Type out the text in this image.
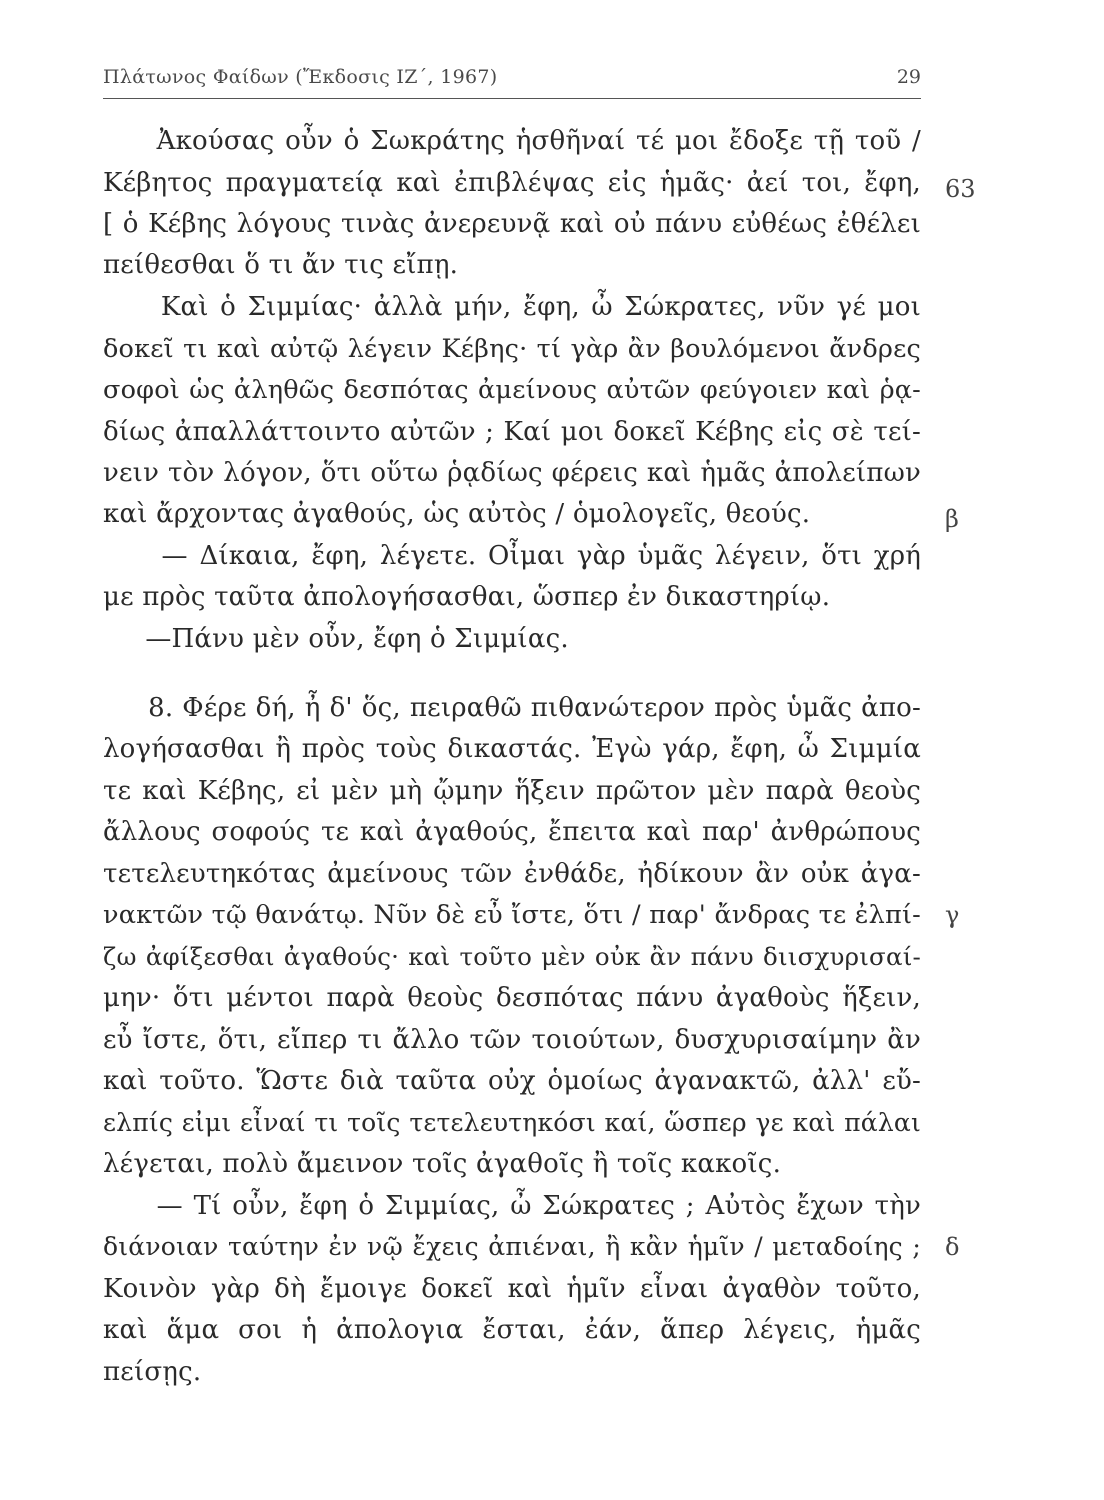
Πλάτωνος Φαίδων (Ἔκδοσις ΙΖ΄, 1967)	29
Ἀκούσας οὖν ὁ Σωκράτης ἡσθῆναί τέ μοι ἔδοξε τῇ τοῦ /
Κέβητος πραγματείᾳ καὶ ἐπιβλέψας εἰς ἡμᾶς· ἀεί τοι, ἔφη,
[ ὁ Κέβης λόγους τινὰς ἀνερευνᾷ καὶ οὐ πάνυ εὐθέως ἐθέλει
πείθεσθαι ὅ τι ἄν τις εἴπῃ.
Καὶ ὁ Σιμμίας· ἀλλὰ μήν, ἔφη, ὦ Σώκρατες, νῦν γέ μοι
δοκεῖ τι καὶ αὐτῷ λέγειν Κέβης· τί γὰρ ἂν βουλόμενοι ἄνδρες
σοφοὶ ὡς ἀληθῶς δεσπότας ἀμείνους αὐτῶν φεύγοιεν καὶ ῥᾳ-
δίως ἀπαλλάττοιντο αὐτῶν ; Καί μοι δοκεῖ Κέβης εἰς σὲ τεί-
νειν τὸν λόγον, ὅτι οὕτω ῥᾳδίως φέρεις καὶ ἡμᾶς ἀπολείπων
καὶ ἄρχοντας ἀγαθούς, ὡς αὐτὸς / ὁμολογεῖς, θεούς.
— Δίκαια, ἔφη, λέγετε. Οἶμαι γὰρ ὑμᾶς λέγειν, ὅτι χρή
με πρὸς ταῦτα ἀπολογήσασθαι, ὥσπερ ἐν δικαστηρίῳ.
—Πάνυ μὲν οὖν, ἔφη ὁ Σιμμίας.
8. Φέρε δή, ἦ δ' ὅς, πειραθῶ πιθανώτερον πρὸς ὑμᾶς ἀπο-
λογήσασθαι ἢ πρὸς τοὺς δικαστάς. Ἐγὼ γάρ, ἔφη, ὦ Σιμμία
τε καὶ Κέβης, εἰ μὲν μὴ ᾤμην ἥξειν πρῶτον μὲν παρὰ θεοὺς
ἄλλους σοφούς τε καὶ ἀγαθούς, ἔπειτα καὶ παρ' ἀνθρώπους
τετελευτηκότας ἀμείνους τῶν ἐνθάδε, ἠδίκουν ἂν οὐκ ἀγα-
νακτῶν τῷ θανάτῳ. Νῦν δὲ εὖ ἴστε, ὅτι / παρ' ἄνδρας τε ἐλπί-
ζω ἀφίξεσθαι ἀγαθούς· καὶ τοῦτο μὲν οὐκ ἂν πάνυ διισχυρισαί-
μην· ὅτι μέντοι παρὰ θεοὺς δεσπότας πάνυ ἀγαθοὺς ἥξειν,
εὖ ἴστε, ὅτι, εἴπερ τι ἄλλο τῶν τοιούτων, δυσχυρισαίμην ἂν
καὶ τοῦτο. Ὥστε διὰ ταῦτα οὐχ ὁμοίως ἀγανακτῶ, ἀλλ' εὔ-
ελπίς εἰμι εἶναί τι τοῖς τετελευτηκόσι καί, ὥσπερ γε καὶ πάλαι
λέγεται, πολὺ ἄμεινον τοῖς ἀγαθοῖς ἢ τοῖς κακοῖς.
— Τί οὖν, ἔφη ὁ Σιμμίας, ὦ Σώκρατες ; Αὐτὸς ἔχων τὴν
διάνοιαν ταύτην ἐν νῷ ἔχεις ἀπιέναι, ἢ κἂν ἡμῖν / μεταδοίης ;
Κοινὸν γὰρ δὴ ἔμοιγε δοκεῖ καὶ ἡμῖν εἶναι ἀγαθὸν τοῦτο,
καὶ ἅμα σοι ἡ ἀπολογια ἔσται, ἐάν, ἅπερ λέγεις, ἡμᾶς
πείσῃς.
63
β
γ
δ
